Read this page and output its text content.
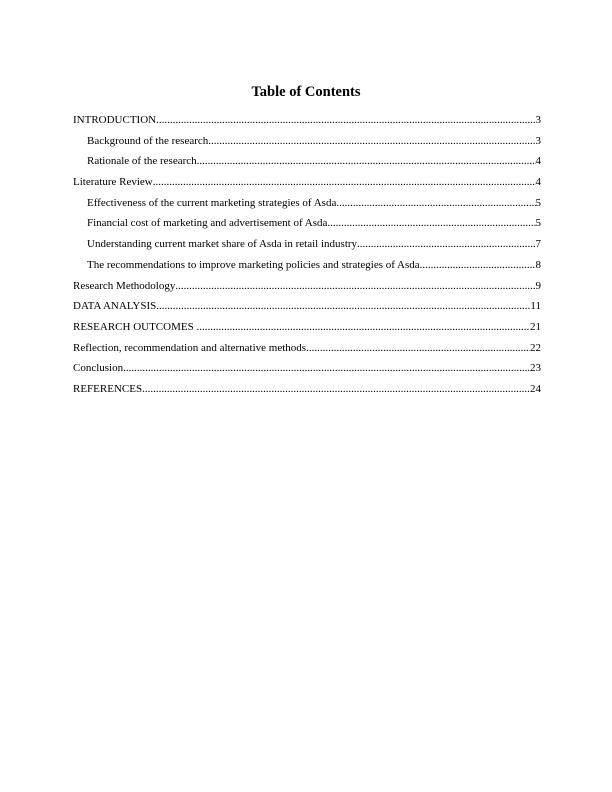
Table of Contents
INTRODUCTION .....	3
Background of the research .....	3
Rationale of the research .....	4
Literature Review .....	4
Effectiveness of the current marketing strategies of Asda .....	5
Financial cost of marketing and advertisement of Asda .....	5
Understanding current market share of Asda in retail industry .....	7
The recommendations to improve marketing policies and strategies of Asda .....	8
Research Methodology .....	9
DATA ANALYSIS .....	11
RESEARCH OUTCOMES .....	21
Reflection, recommendation and alternative methods .....	22
Conclusion .....	23
REFERENCES .....	24
